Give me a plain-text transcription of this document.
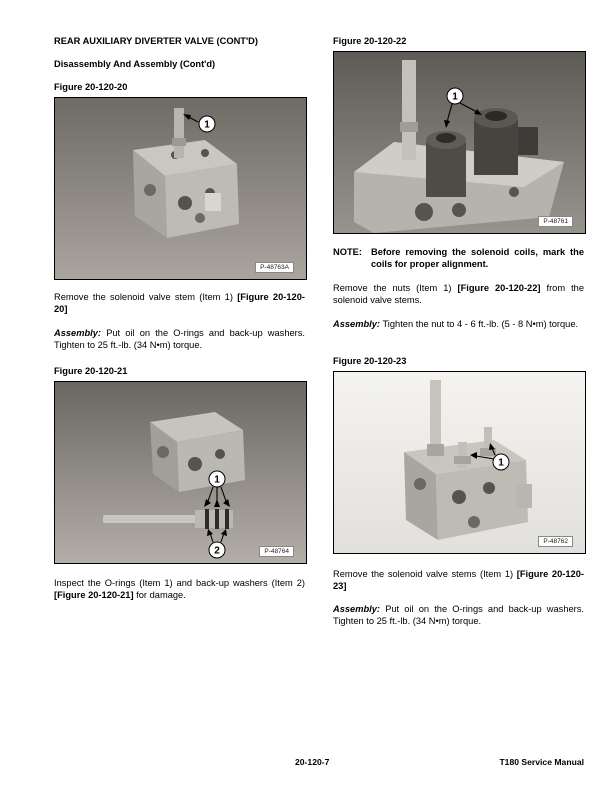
REAR AUXILIARY DIVERTER VALVE (CONT'D)
Disassembly And Assembly (Cont'd)
Figure 20-120-20
1
P-48763A
Remove the solenoid valve stem (Item 1) [Figure 20-120-20]
Assembly: Put oil on the O-rings and back-up washers. Tighten to 25 ft.-lb. (34 N•m) torque.
Figure 20-120-21
1
2	P-48764
Inspect the O-rings (Item 1) and back-up washers (Item 2) [Figure 20-120-21] for damage.
Figure 20-120-22
1
P-48761
NOTE: Before removing the solenoid coils, mark the coils for proper alignment.
Remove the nuts (Item 1) [Figure 20-120-22] from the solenoid valve stems.
Assembly: Tighten the nut to 4 - 6 ft.-lb. (5 - 8 N•m) torque.
Figure 20-120-23
1
P-48762
Remove the solenoid valve stems (Item 1) [Figure 20-120-23]
Assembly: Put oil on the O-rings and back-up washers. Tighten to 25 ft.-lb. (34 N•m) torque.
20-120-7	T180 Service Manual
